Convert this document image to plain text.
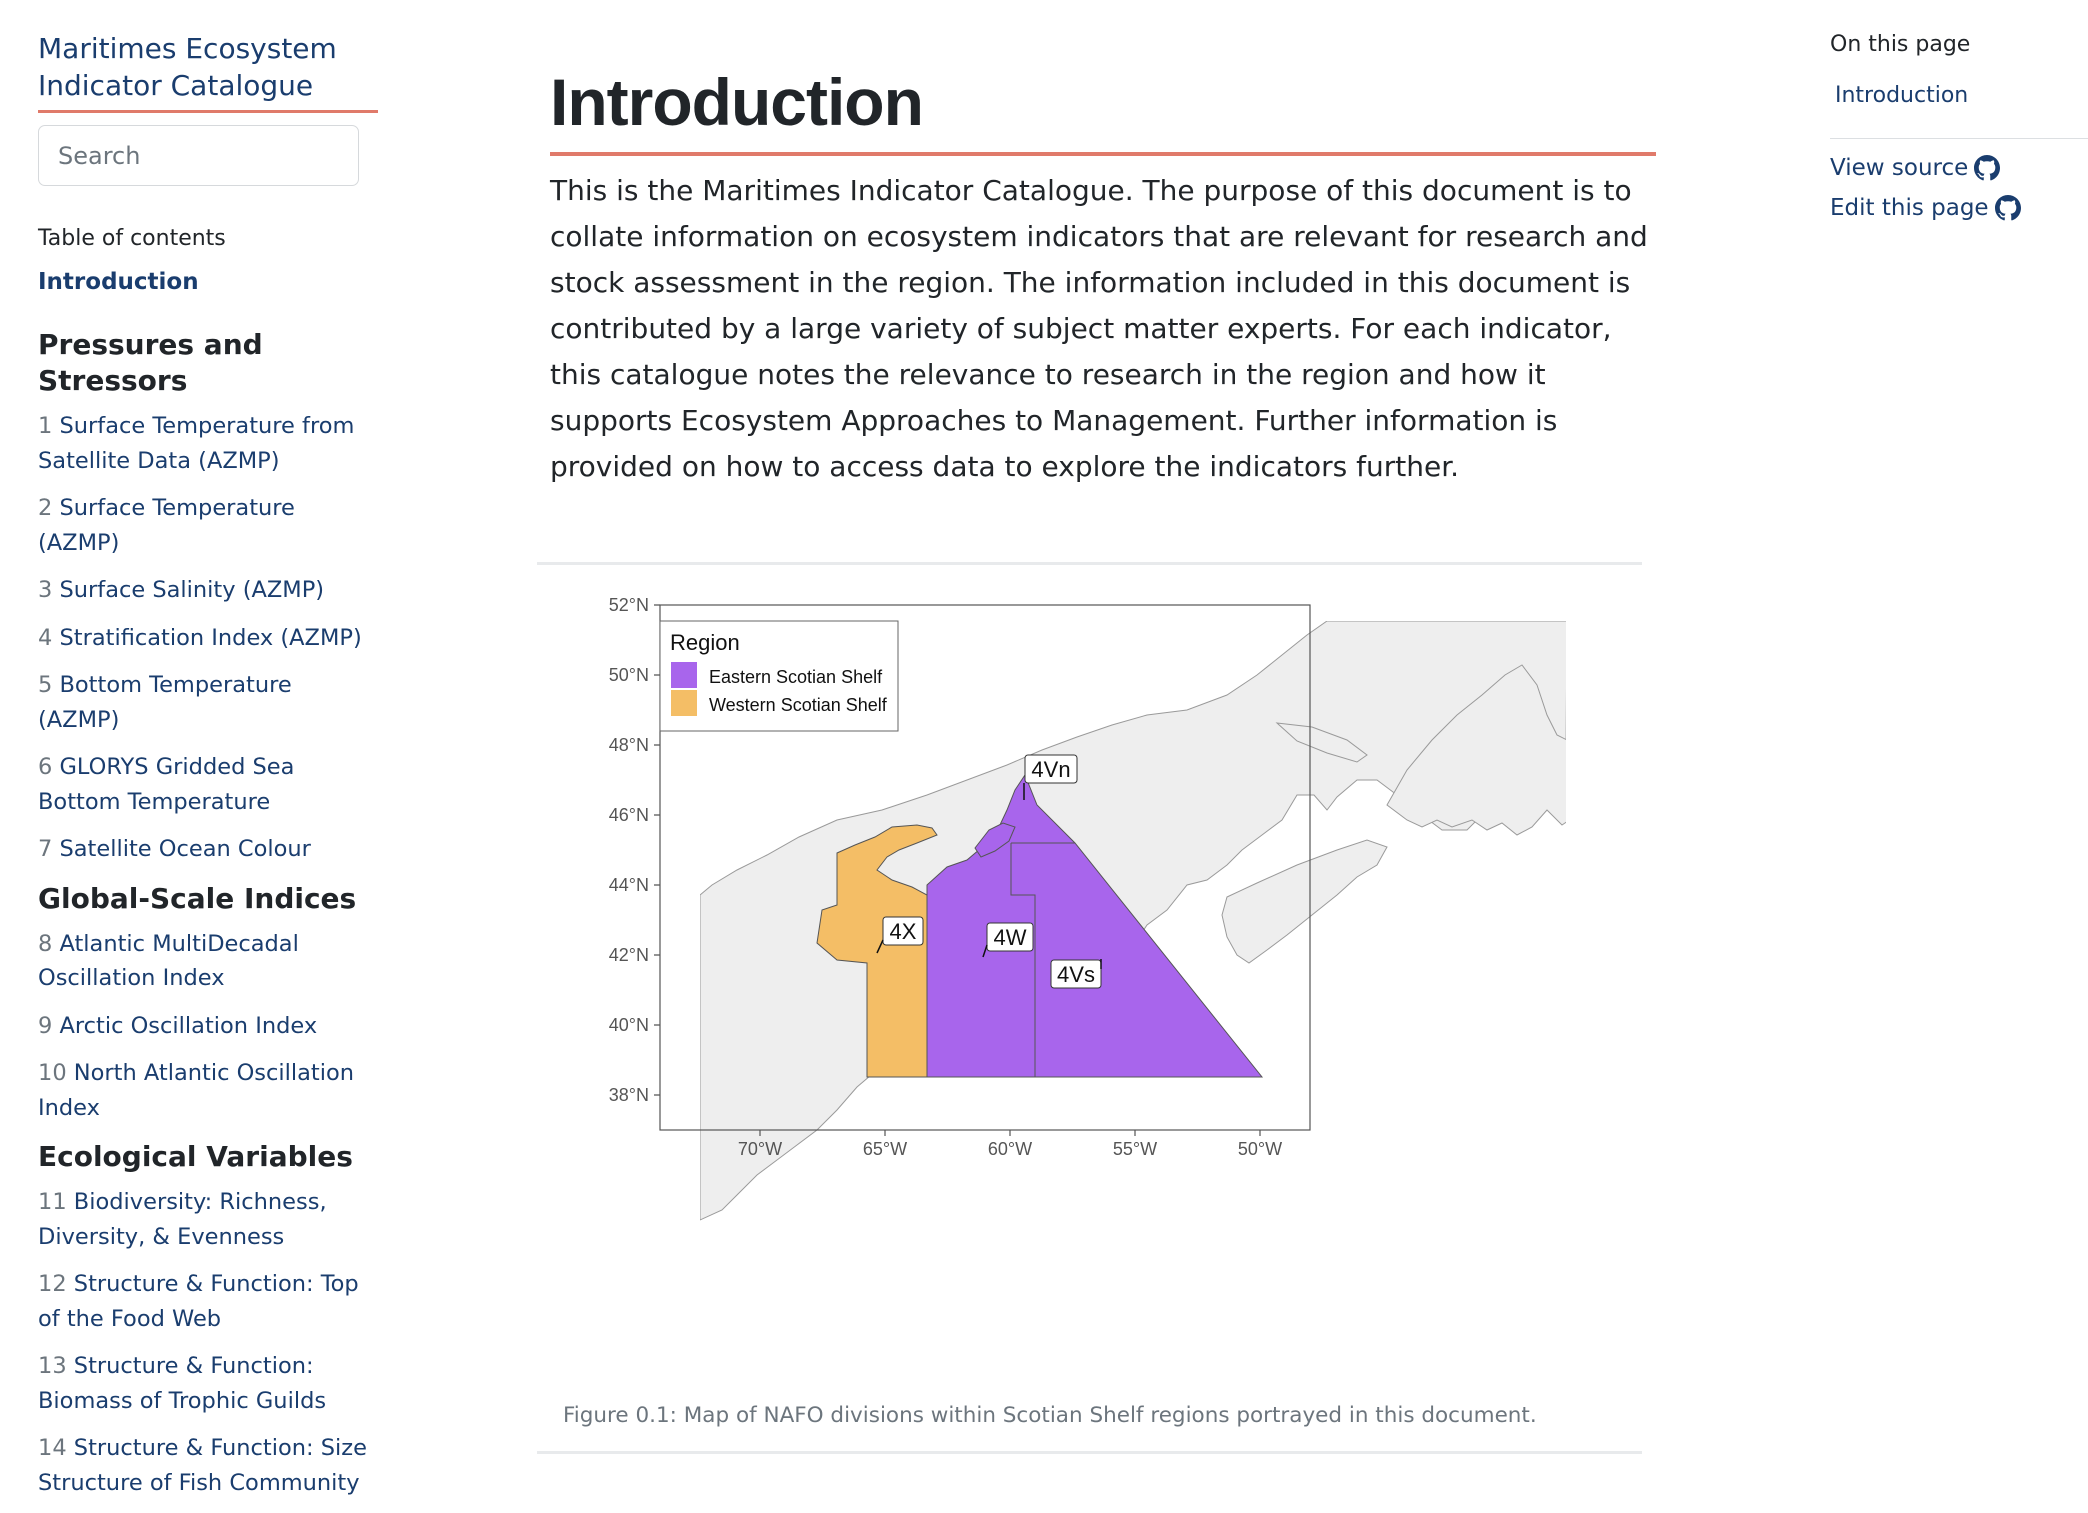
Maritimes Ecosystem Indicator Catalogue
Search
Table of contents
Introduction
Pressures and Stressors
1 Surface Temperature from Satellite Data (AZMP)
2 Surface Temperature (AZMP)
3 Surface Salinity (AZMP)
4 Stratification Index (AZMP)
5 Bottom Temperature (AZMP)
6 GLORYS Gridded Sea Bottom Temperature
7 Satellite Ocean Colour
Global-Scale Indices
8 Atlantic MultiDecadal Oscillation Index
9 Arctic Oscillation Index
10 North Atlantic Oscillation Index
Ecological Variables
11 Biodiversity: Richness, Diversity, & Evenness
12 Structure & Function: Top of the Food Web
13 Structure & Function: Biomass of Trophic Guilds
14 Structure & Function: Size Structure of Fish Community
Introduction

This is the Maritimes Indicator Catalogue. The purpose of this document is to collate information on ecosystem indicators that are relevant for research and stock assessment in the region. The information included in this document is contributed by a large variety of subject matter experts. For each indicator, this catalogue notes the relevance to research in the region and how it supports Ecosystem Approaches to Management. Further information is provided on how to access data to explore the indicators further.

4Vn
4X	4W
4Vs
Region
Eastern Scotian Shelf
Western Scotian Shelf
52°N
50°N
48°N
46°N
44°N
42°N
40°N
38°N
70°W	65°W	60°W	55°W	50°W
Figure 0.1: Map of NAFO divisions within Scotian Shelf regions portrayed in this document.
On this page
Introduction
View source
Edit this page
